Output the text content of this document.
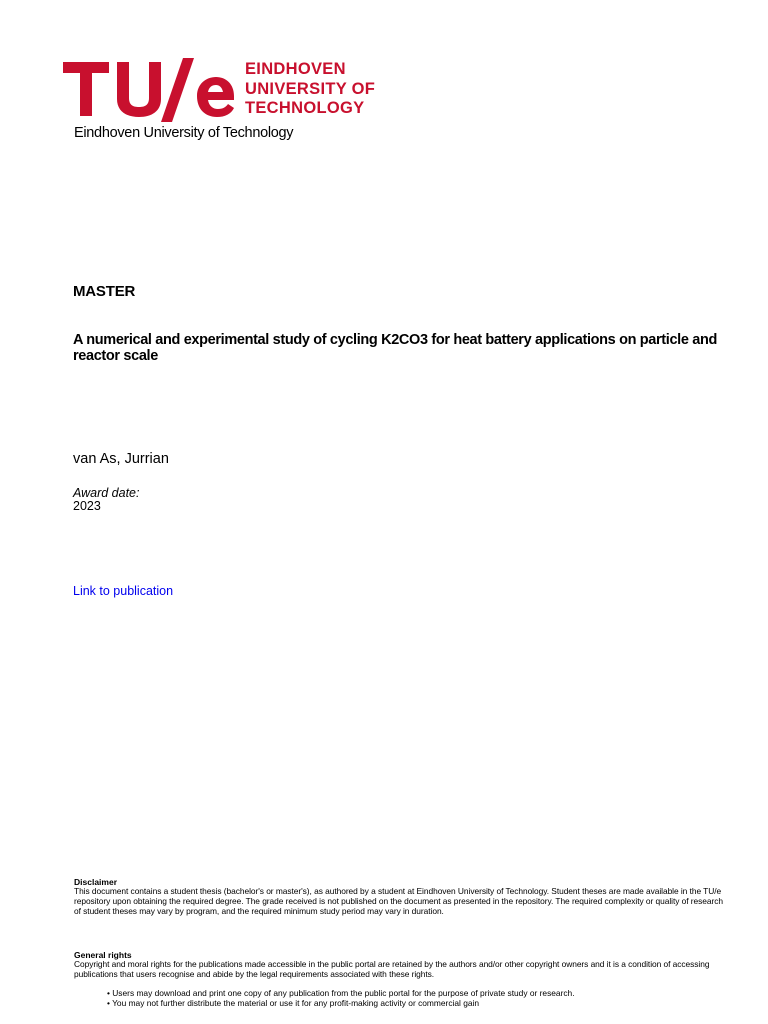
EINDHOVEN
UNIVERSITY OF
TECHNOLOGY
Eindhoven University of Technology
MASTER
A numerical and experimental study of cycling K2CO3 for heat battery applications on particle and reactor scale
van As, Jurrian
Award date:
2023
Link to publication
Disclaimer
This document contains a student thesis (bachelor's or master's), as authored by a student at Eindhoven University of Technology. Student theses are made available in the TU/e repository upon obtaining the required degree. The grade received is not published on the document as presented in the repository. The required complexity or quality of research of student theses may vary by program, and the required minimum study period may vary in duration.
General rights
Copyright and moral rights for the publications made accessible in the public portal are retained by the authors and/or other copyright owners and it is a condition of accessing publications that users recognise and abide by the legal requirements associated with these rights.
• Users may download and print one copy of any publication from the public portal for the purpose of private study or research.
• You may not further distribute the material or use it for any profit-making activity or commercial gain
